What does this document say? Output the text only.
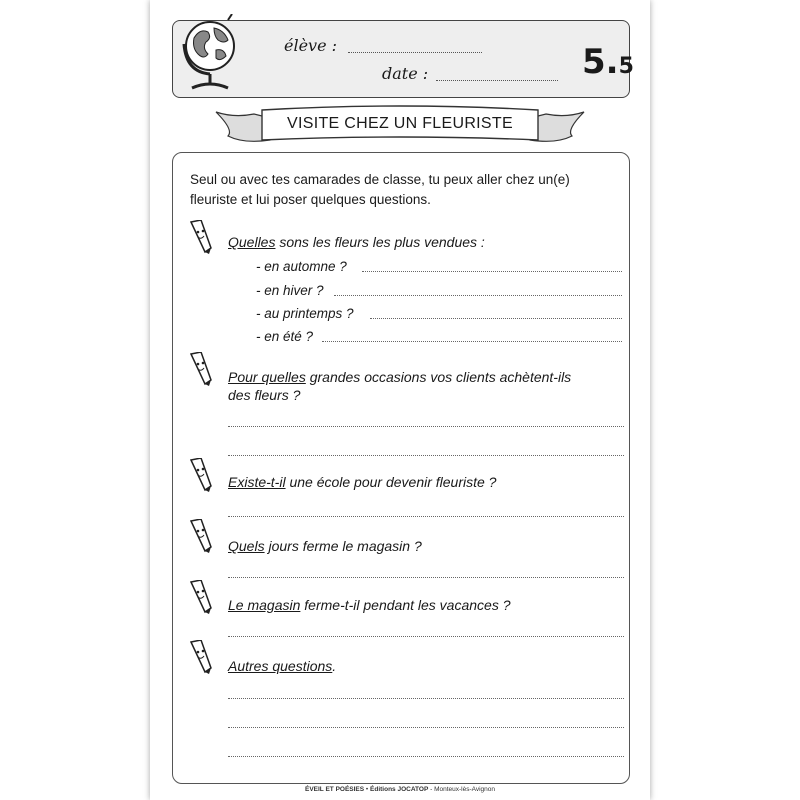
élève :
date :	5.5
VISITE CHEZ UN FLEURISTE
Seul ou avec tes camarades de classe, tu peux aller chez un(e) fleuriste et lui poser quelques questions.
Quelles sons les fleurs les plus vendues :
- en automne ?
- en hiver ?
- au printemps ?
- en été ?
Pour quelles grandes occasions vos clients achètent-ils
des fleurs ?
Existe-t-il une école pour devenir fleuriste ?
Quels jours ferme le magasin ?
Le magasin ferme-t-il pendant les vacances ?
Autres questions.
ÉVEIL ET POÉSIES • Éditions JOCATOP - Monteux-lès-Avignon
